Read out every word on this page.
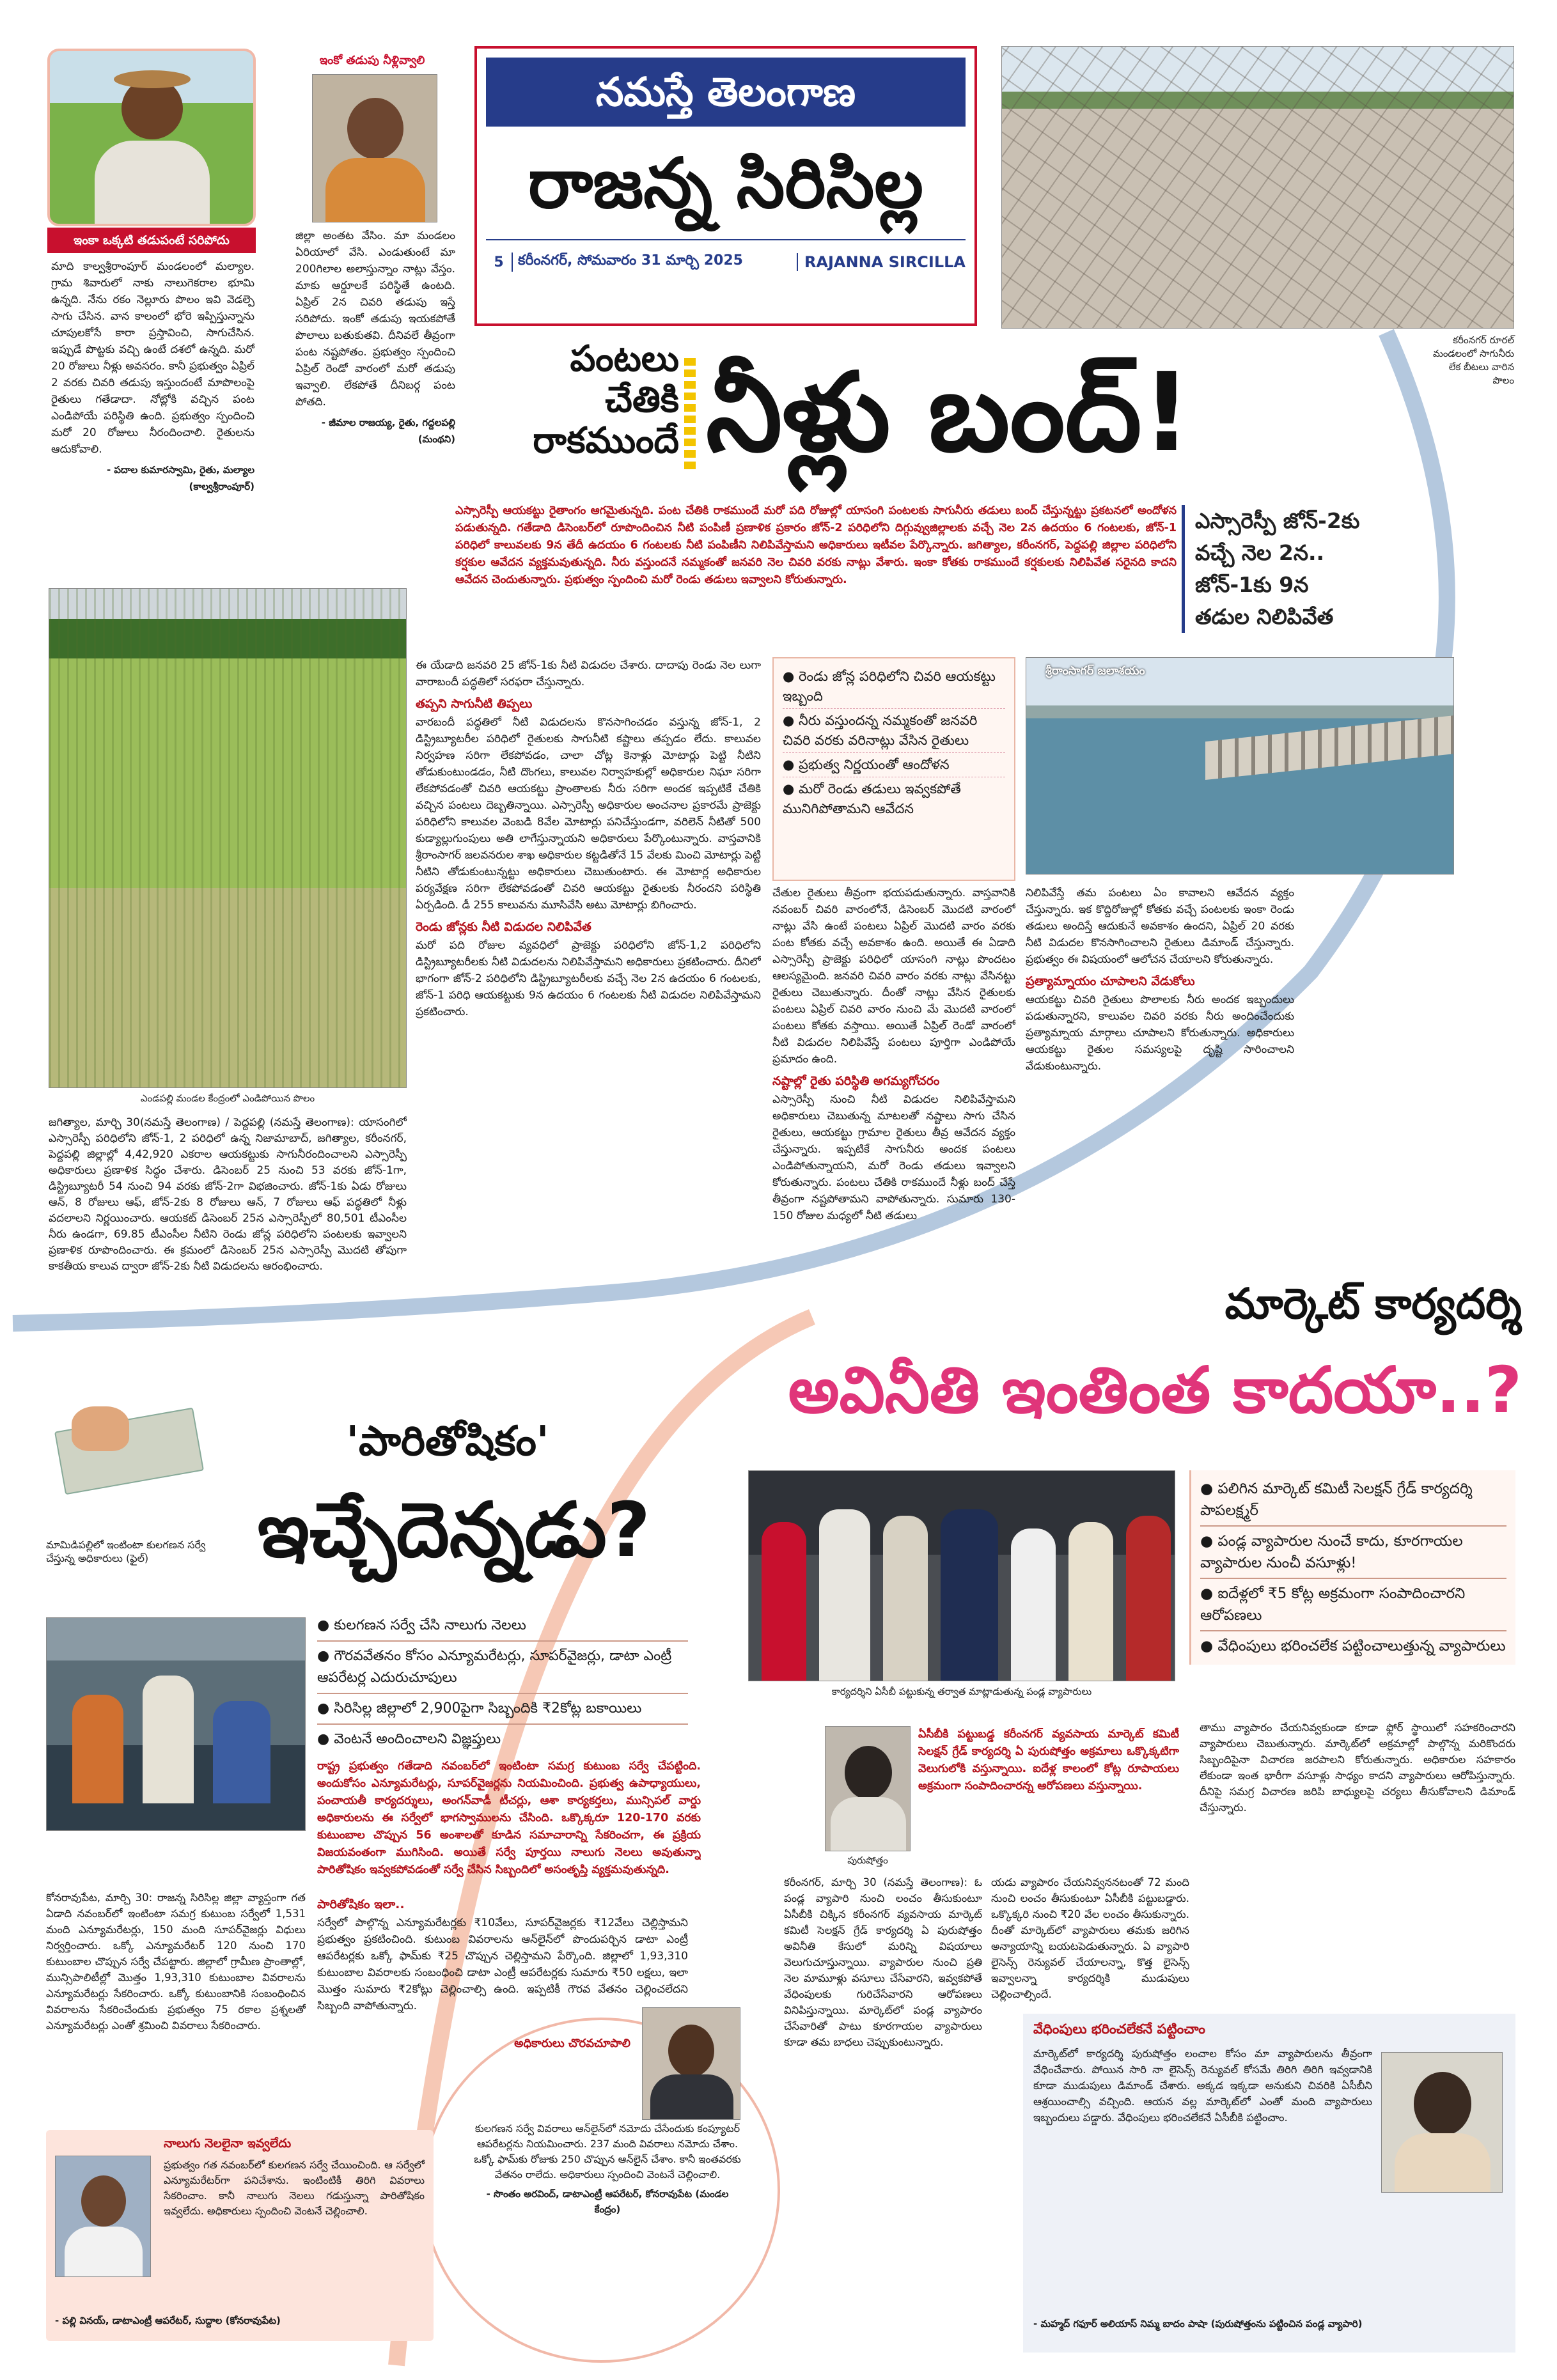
నమస్తే తెలంగాణ
రాజన్న సిరిసిల్ల
5	కరీంనగర్, సోమవారం 31 మార్చి 2025	RAJANNA SIRCILLA
ఇంకా ఒక్కటి తడుపంటే సరిపోదు

మాది కాల్వశ్రీరాంపూర్ మండలంలో మల్యాల. గ్రామ శివారులో నాకు నాలుగెకరాల భూమి ఉన్నది. నేను రకం నెల్లూరు పొలం ఇవి వెడల్పె సాగు చేసిన. వాన కాలంలో భోరె ఇప్పిస్తున్నాను చూపులకోసే కారా ప్రస్తావించి, సాగుచేసిన. ఇప్పుడే పొట్టకు వచ్చి ఉంటే దశలో ఉన్నది. మరో 20 రోజులు నీళ్లు అవసరం. కానీ ప్రభుత్వం ఏప్రిల్ 2 వరకు చివరి తడుపు ఇస్తుందంటే మాపొలంపై రైతులు గతేడాదా. నోట్లోకి వచ్చిన పంట ఎండిపోయే పరిస్థితి ఉంది. ప్రభుత్వం స్పందించి మరో 20 రోజులు నీరందించాలి. రైతులను ఆదుకోవాలి.

- పదాల కుమారస్వామి, రైతు, మల్యాల (కాల్వశ్రీరాంపూర్)
ఇంకో తడుపు నీళ్లివ్వాలి

జిల్లా అంతట వేసిం. మా మండలం ఏరియాలో వేసి. ఎండుతుంటే మా 200గిలాల అలాస్తున్నాం నాట్లు వేస్తం. మాకు ఆర్డూలకే పరిస్థితే ఉంటది. ఏప్రిల్ 2న చివరి తడుపు ఇస్తే సరిపోదు. ఇంకో తడుపు ఇయకపోతే పొలాలు బతుకుతవి. దీనివలే తీవ్రంగా పంట నష్టపోతం. ప్రభుత్వం స్పందించి ఏప్రిల్ రెండో వారంలో మరో తడుపు ఇవ్వాలి. లేకపోతే దీనిబర్గ పంట పోతది.

- జీమాల రాజయ్య, రైతు, గద్దలపల్లి (మంథని)
కరీంనగర్ రూరల్ మండలంలో సాగునీరు లేక బీటలు వారిన పొలం
పంటలు
చేతికి
రాకముందే నీళ్లు బంద్!
ఎస్సారెస్పీ జోన్-2కు
వచ్చే నెల 2న..
జోన్-1కు 9న
తడుల నిలిపివేత
ఎస్సారెస్పీ ఆయకట్టు రైతాంగం ఆగమైతున్నది. పంట చేతికి రాకముందే మరో పది రోజుల్లో యాసంగి పంటలకు సాగునీరు తడులు బంద్ చేస్తున్నట్టు ప్రకటనలో అందోళన పడుతున్నది. గతేడాది డిసెంబర్‌లో రూపొందించిన నీటి పంపిణీ ప్రణాళిక ప్రకారం జోన్-2 పరిధిలోని దిగ్గువ్వుజిల్లాలకు వచ్చే నెల 2న ఉదయం 6 గంటలకు, జోన్-1 పరిధిలో కాలువలకు 9న తేదీ ఉదయం 6 గంటలకు నీటి పంపిణీని నిలిపివేస్తామని అధికారులు ఇటీవల పేర్కొన్నారు. జగిత్యాల, కరీంనగర్, పెద్దపల్లి జిల్లాల పరిధిలోని కర్షకుల ఆవేదన వ్యక్తమవుతున్నది. నీరు వస్తుందనే నమ్మకంతో జనవరి నెల చివరి వరకు నాట్లు వేశారు. ఇంకా కోతకు రాకముందే కర్షకులకు నిలిపివేత సరైనది కాదని ఆవేదన చెందుతున్నారు. ప్రభుత్వం స్పందించి మరో రెండు తడులు ఇవ్వాలని కోరుతున్నారు.
ఎండపల్లి మండల కేంద్రంలో ఎండిపోయిన పొలం
జగిత్యాల, మార్చి 30(నమస్తే తెలంగాణ) / పెద్దపల్లి (నమస్తే తెలంగాణ): యాసంగిలో ఎస్సారెస్పీ పరిధిలోని జోన్-1, 2 పరిధిలో ఉన్న నిజామాబాద్, జగిత్యాల, కరీంనగర్, పెద్దపల్లి జిల్లాల్లో 4,42,920 ఎకరాల ఆయకట్టుకు సాగునీరందించాలని ఎస్సారెస్పీ అధికారులు ప్రణాళిక సిద్ధం చేశారు. డిసెంబర్ 25 నుంచి 53 వరకు జోన్-1గా, డిస్ట్రిబ్యూటరీ 54 నుంచి 94 వరకు జోన్-2గా విభజించారు. జోన్-1కు ఏడు రోజులు ఆన్, 8 రోజులు ఆఫ్, జోన్-2కు 8 రోజులు ఆన్, 7 రోజులు ఆఫ్ పద్ధతిలో నీళ్లు వదలాలని నిర్ణయించారు. ఆయకట్ డిసెంబర్ 25న ఎస్సారెస్పీలో 80,501 టీఎంసీల నీరు ఉండగా, 69.85 టీఎంసీల నీటిని రెండు జోన్ల పరిధిలోని పంటలకు ఇవ్వాలని ప్రణాళిక రూపొందించారు. ఈ క్రమంలో డిసెంబర్ 25న ఎస్సారెస్పీ మొదటి తోపుగా కాకతీయ కాలువ ద్వారా జోన్-2కు నీటి విడుదలను ఆరంభించారు.

ఈ యేడాది జనవరి 25 జోన్-1కు నీటి విడుదల చేశారు. దాదాపు రెండు నెల లుగా వారాబందీ పద్ధతిలో సరఫరా చేస్తున్నారు.

తప్పని సాగునీటి తిప్పలు

వారబందీ పద్ధతిలో నీటి విడుదలను కొనసాగించడం వస్తున్న జోన్-1, 2 డిస్ట్రిబ్యూటరీల పరిధిలో రైతులకు సాగునీటి కష్టాలు తప్పడం లేదు. కాలువల నిర్వహణ సరిగా లేకపోవడం, చాలా చోట్ల కెనాళ్లు మోటార్లు పెట్టి నీటిని తోడుకుంటుండడం, నీటి దొంగలు, కాలువల నిర్వాహకుల్లో అధికారుల నిఘా సరిగా లేకపోవడంతో చివరి ఆయకట్టు ప్రాంతాలకు నీరు సరిగా అందక ఇప్పటికే చేతికి వచ్చిన పంటలు దెబ్బతిన్నాయి. ఎస్సారెస్పీ అధికారుల అంచనాల ప్రకారమే ప్రాజెక్టు పరిధిలోని కాలువల వెంబడి 8వేల మోటార్లు పనిచేస్తుండగా, వరిలెన్ నీటితో 500 కుడ్యాల్లుగుంపులు అతి లాగేస్తున్నాయని అధికారులు పేర్కొంటున్నారు. వాస్తవానికి శ్రీరాంసాగర్ జలవనరుల శాఖ అధికారుల కట్టడితోనే 15 వేలకు మించి మోటార్లు పెట్టి నీటిని తోడుకుంటున్నట్టు అధికారులు చెబుతుంటారు. ఈ మోటార్ల అధికారుల పర్యవేక్షణ సరిగా లేకపోవడంతో చివరి ఆయకట్టు రైతులకు నీరందని పరిస్థితి ఏర్పడింది. డీ 255 కాలువను మూసివేసి అటు మోటార్లు బిగించారు.

రెండు జోన్లకు నీటి విడుదల నిలిపివేత

మరో పది రోజుల వ్యవధిలో ప్రాజెక్టు పరిధిలోని జోన్-1,2 పరిధిలోని డిస్ట్రిబ్యూటరీలకు నీటి విడుదలను నిలిపివేస్తామని అధికారులు ప్రకటించారు. దీనిలో భాగంగా జోన్-2 పరిధిలోని డిస్ట్రిబ్యూటరీలకు వచ్చే నెల 2న ఉదయం 6 గంటలకు, జోన్-1 పరిధి ఆయకట్టుకు 9న ఉదయం 6 గంటలకు నీటి విడుదల నిలిపివేస్తామని ప్రకటించారు.

● రెండు జోన్ల పరిధిలోని చివరి ఆయకట్టు ఇబ్బంది
● నీరు వస్తుందన్న నమ్మకంతో జనవరి చివరి వరకు వరినాట్లు వేసిన రైతులు
● ప్రభుత్వ నిర్ణయంతో ఆందోళన
● మరో రెండు తడులు ఇవ్వకపోతే మునిగిపోతామని ఆవేదన
శ్రీరాంసాగర్ జలాశయం

చేతుల రైతులు తీవ్రంగా భయపడుతున్నారు. వాస్తవానికి నవంబర్ చివరి వారంలోనే, డిసెంబర్ మొదటి వారంలో నాట్లు వేసి ఉంటే పంటలు ఏప్రిల్ మొదటి వారం వరకు పంట కోతకు వచ్చే అవకాశం ఉంది. అయితే ఈ ఏడాది ఎస్సారెస్పీ ప్రాజెక్టు పరిధిలో యాసంగి నాట్లు పొందటం ఆలస్యమైంది. జనవరి చివరి వారం వరకు నాట్లు వేసినట్టు రైతులు చెబుతున్నారు. దీంతో నాట్లు వేసిన రైతులకు పంటలు ఏప్రిల్ చివరి వారం నుంచి మే మొదటి వారంలో పంటలు కోతకు వస్తాయి. అయితే ఏప్రిల్ రెండో వారంలో నీటి విడుదల నిలిపివేస్తే పంటలు పూర్తిగా ఎండిపోయే ప్రమాదం ఉంది.

నష్టాల్లో రైతు పరిస్థితి అగమ్యగోచరం

ఎస్సారెస్పీ నుంచి నీటి విడుదల నిలిపివేస్తామని అధికారులు చెబుతున్న మాటలతో నష్టాలు సాగు చేసిన రైతులు, ఆయకట్టు గ్రామాల రైతులు తీవ్ర ఆవేదన వ్యక్తం చేస్తున్నారు. ఇప్పటికే సాగునీరు అందక పంటలు ఎండిపోతున్నాయని, మరో రెండు తడులు ఇవ్వాలని కోరుతున్నారు. పంటలు చేతికి రాకముందే నీళ్లు బంద్ చేస్తే తీవ్రంగా నష్టపోతామని వాపోతున్నారు. సుమారు 130-150 రోజుల మధ్యలో నీటి తడులు

నిలిపివేస్తే తమ పంటలు ఏం కావాలని ఆవేదన వ్యక్తం చేస్తున్నారు. ఇక కొద్దిరోజుల్లో కోతకు వచ్చే పంటలకు ఇంకా రెండు తడులు అందిస్తే ఆదుకునే అవకాశం ఉందని, ఏప్రిల్ 20 వరకు నీటి విడుదల కొనసాగించాలని రైతులు డిమాండ్ చేస్తున్నారు. ప్రభుత్వం ఈ విషయంలో ఆలోచన చేయాలని కోరుతున్నారు.

ప్రత్యామ్నాయం చూపాలని వేడుకోలు

ఆయకట్టు చివరి రైతులు పొలాలకు నీరు అందక ఇబ్బందులు పడుతున్నారని, కాలువల చివరి వరకు నీరు అందించేందుకు ప్రత్యామ్నాయ మార్గాలు చూపాలని కోరుతున్నారు. అధికారులు ఆయకట్టు రైతుల సమస్యలపై దృష్టి సారించాలని వేడుకుంటున్నారు.

మార్కెట్ కార్యదర్శి
అవినీతి ఇంతింత కాదయా..?
'పారితోషికం'
ఇచ్చేదెన్నడు?
మామిడిపల్లిలో ఇంటింటా కులగణన సర్వే చేస్తున్న అధికారులు (ఫైల్)
● కులగణన సర్వే చేసి నాలుగు నెలలు
● గౌరవవేతనం కోసం ఎన్యూమరేటర్లు, సూపర్‌వైజర్లు, డాటా ఎంట్రీ ఆపరేటర్ల ఎదురుచూపులు
● సిరిసిల్ల జిల్లాలో 2,900పైగా సిబ్బందికి ₹2కోట్ల బకాయిలు
● వెంటనే అందించాలని విజ్ఞప్తులు
రాష్ట్ర ప్రభుత్వం గతేడాది నవంబర్‌లో ఇంటింటా సమగ్ర కుటుంబ సర్వే చేపట్టింది. అందుకోసం ఎన్యూమరేటర్లు, సూపర్‌వైజర్లను నియమించింది. ప్రభుత్వ ఉపాధ్యాయులు, పంచాయతీ కార్యదర్శులు, అంగన్‌వాడీ టీచర్లు, ఆశా కార్యకర్తలు, మున్సిపల్ వార్డు అధికారులను ఈ సర్వేలో భాగస్వాములను చేసింది. ఒక్కొక్కరూ 120-170 వరకు కుటుంబాల చొప్పున 56 అంశాలతో కూడిన సమాచారాన్ని సేకరించగా, ఈ ప్రక్రియ విజయవంతంగా ముగిసింది. అయితే సర్వే పూర్తయి నాలుగు నెలలు అవుతున్నా పారితోషికం ఇవ్వకపోవడంతో సర్వే చేసిన సిబ్బందిలో అసంతృప్తి వ్యక్తమవుతున్నది.
కోనరావుపేట, మార్చి 30: రాజన్న సిరిసిల్ల జిల్లా వ్యాప్తంగా గత ఏడాది నవంబర్‌లో ఇంటింటా సమగ్ర కుటుంబ సర్వేలో 1,531 మంది ఎన్యూమరేటర్లు, 150 మంది సూపర్‌వైజర్లు విధులు నిర్వర్తించారు. ఒక్కో ఎన్యూమరేటర్ 120 నుంచి 170 కుటుంబాల చొప్పున సర్వే చేపట్టారు. జిల్లాలో గ్రామీణ ప్రాంతాల్లో, మున్సిపాలిటీల్లో మొత్తం 1,93,310 కుటుంబాల వివరాలను ఎన్యూమరేటర్లు సేకరించారు. ఒక్కో కుటుంబానికి సంబంధించిన వివరాలను సేకరించేందుకు ప్రభుత్వం 75 రకాల ప్రశ్నలతో ఎన్యూమరేటర్లు ఎంతో శ్రమించి వివరాలు సేకరించారు.
పారితోషికం ఇలా..

సర్వేలో పాల్గొన్న ఎన్యూమరేటర్లకు ₹10వేలు, సూపర్‌వైజర్లకు ₹12వేలు చెల్లిస్తామని ప్రభుత్వం ప్రకటించింది. కుటుంబ వివరాలను ఆన్‌లైన్‌లో పొందుపర్చిన డాటా ఎంట్రీ ఆపరేటర్లకు ఒక్కో ఫామ్‌కు ₹25 చొప్పున చెల్లిస్తామని పేర్కొంది. జిల్లాలో 1,93,310 కుటుంబాల వివరాలకు సంబంధించి డాటా ఎంట్రీ ఆపరేటర్లకు సుమారు ₹50 లక్షలు, ఇలా మొత్తం సుమారు ₹2కోట్లు చెల్లించాల్సి ఉంది. ఇప్పటికీ గౌరవ వేతనం చెల్లించలేదని సిబ్బంది వాపోతున్నారు.

అధికారులు చొరవచూపాలి

కులగణన సర్వే వివరాలు ఆన్‌లైన్‌లో నమోదు చేసేందుకు కంప్యూటర్ ఆపరేటర్లను నియమించారు. 237 మంది వివరాలు నమోదు చేశాం. ఒక్కో ఫామ్‌కు రోజుకు 250 చొప్పున ఆన్‌లైన్ చేశాం. కానీ ఇంతవరకు వేతనం రాలేదు. అధికారులు స్పందించి వెంటనే చెల్లించాలి.

- సొంతం అరవింద్, డాటాఎంట్రీ ఆపరేటర్, కోనరావుపేట (మండల కేంద్రం)
నాలుగు నెలలైనా ఇవ్వలేదు

ప్రభుత్వం గత నవంబర్‌లో కులగణన సర్వే చేయించింది. ఆ సర్వేలో ఎన్యూమరేటర్‌గా పనిచేశాను. ఇంటింటికీ తిరిగి వివరాలు సేకరించాం. కానీ నాలుగు నెలలు గడుస్తున్నా పారితోషికం ఇవ్వలేదు. అధికారులు స్పందించి వెంటనే చెల్లించాలి.

- పల్లి వినయ్, డాటాఎంట్రీ ఆపరేటర్, సుద్దాల (కోనరావుపేట)
కార్యదర్శిని ఏసీబీ పట్టుకున్న తర్వాత మాట్లాడుతున్న పండ్ల వ్యాపారులు
● పలిగిన మార్కెట్ కమిటీ సెలక్షన్ గ్రేడ్ కార్యదర్శి పాపలక్ష్మర్
● పండ్ల వ్యాపారుల నుంచే కాదు, కూరగాయల వ్యాపారుల నుంచీ వసూళ్లు!
● ఐదేళ్లలో ₹5 కోట్ల అక్రమంగా సంపాదించారని ఆరోపణలు
● వేధింపులు భరించలేక పట్టించాలుత్తున్న వ్యాపారులు
పురుషోత్తం
ఏసీబీకి పట్టుబడ్డ కరీంనగర్ వ్యవసాయ మార్కెట్ కమిటీ సెలక్షన్ గ్రేడ్ కార్యదర్శి ఏ పురుషోత్తం అక్రమాలు ఒక్కొక్కటిగా వెలుగులోకి వస్తున్నాయి. ఐదేళ్ల కాలంలో కోట్ల రూపాయలు అక్రమంగా సంపాదించారన్న ఆరోపణలు వస్తున్నాయి.
కరీంనగర్, మార్చి 30 (నమస్తే తెలంగాణ): ఓ పండ్ల వ్యాపారి నుంచి లంచం తీసుకుంటూ ఏసీబీకి చిక్కిన కరీంనగర్ వ్యవసాయ మార్కెట్ కమిటీ సెలక్షన్ గ్రేడ్ కార్యదర్శి ఏ పురుషోత్తం అవినీతి కేసులో మరిన్ని విషయాలు వెలుగుచూస్తున్నాయి. వ్యాపారుల నుంచి ప్రతి నెల మామూళ్లు వసూలు చేసేవారని, ఇవ్వకపోతే వేధింపులకు గురిచేసేవారని ఆరోపణలు వినిపిస్తున్నాయి. మార్కెట్‌లో పండ్ల వ్యాపారం చేసేవారితో పాటు కూరగాయల వ్యాపారులు కూడా తమ బాధలు చెప్పుకుంటున్నారు.
యడు వ్యాపారం చేయనివ్వననటంతో 72 మంది నుంచి లంచం తీసుకుంటూ ఏసీబీకి పట్టుబడ్డారు. ఒక్కొక్కరి నుంచి ₹20 వేల లంచం తీసుకున్నారు. దీంతో మార్కెట్‌లో వ్యాపారులు తమకు జరిగిన అన్యాయాన్ని బయటపెడుతున్నారు. ఏ వ్యాపారి లైసెన్స్ రెన్యువల్ చేయాలన్నా, కొత్త లైసెన్స్ ఇవ్వాలన్నా కార్యదర్శికి ముడుపులు చెల్లించాల్సిందే.
తాము వ్యాపారం చేయనివ్వకుండా కూడా ఫ్లోర్ స్థాయిలో సహకరించారని వ్యాపారులు చెబుతున్నారు. మార్కెట్‌లో అక్రమాల్లో పాల్గొన్న మరికొందరు సిబ్బందిపైనా విచారణ జరపాలని కోరుతున్నారు. అధికారుల సహకారం లేకుండా ఇంత భారీగా వసూళ్లు సాధ్యం కాదని వ్యాపారులు ఆరోపిస్తున్నారు. దీనిపై సమగ్ర విచారణ జరిపి బాధ్యులపై చర్యలు తీసుకోవాలని డిమాండ్ చేస్తున్నారు.
వేధింపులు భరించలేకనే పట్టించాం

మార్కెట్‌లో కార్యదర్శి పురుషోత్తం లంచాల కోసం మా వ్యాపారులను తీవ్రంగా వేధించేవారు. పోయిన సారి నా లైసెన్స్ రెన్యువల్ కోసమే తిరిగి తిరిగి ఇవ్వడానికి కూడా ముడుపులు డిమాండ్ చేశారు. అక్కడ ఇక్కడా అనుకుని చివరికి ఏసీబీని ఆశ్రయించాల్సి వచ్చింది. ఆయన వల్ల మార్కెట్‌లో ఎంతో మంది వ్యాపారులు ఇబ్బందులు పడ్డారు. వేధింపులు భరించలేకనే ఏసీబీకి పట్టించాం.

- మహ్మద్ గఫూర్ అలియాస్ నిమ్మ బాదం పాషా (పురుషోత్తంను పట్టించిన పండ్ల వ్యాపారి)
